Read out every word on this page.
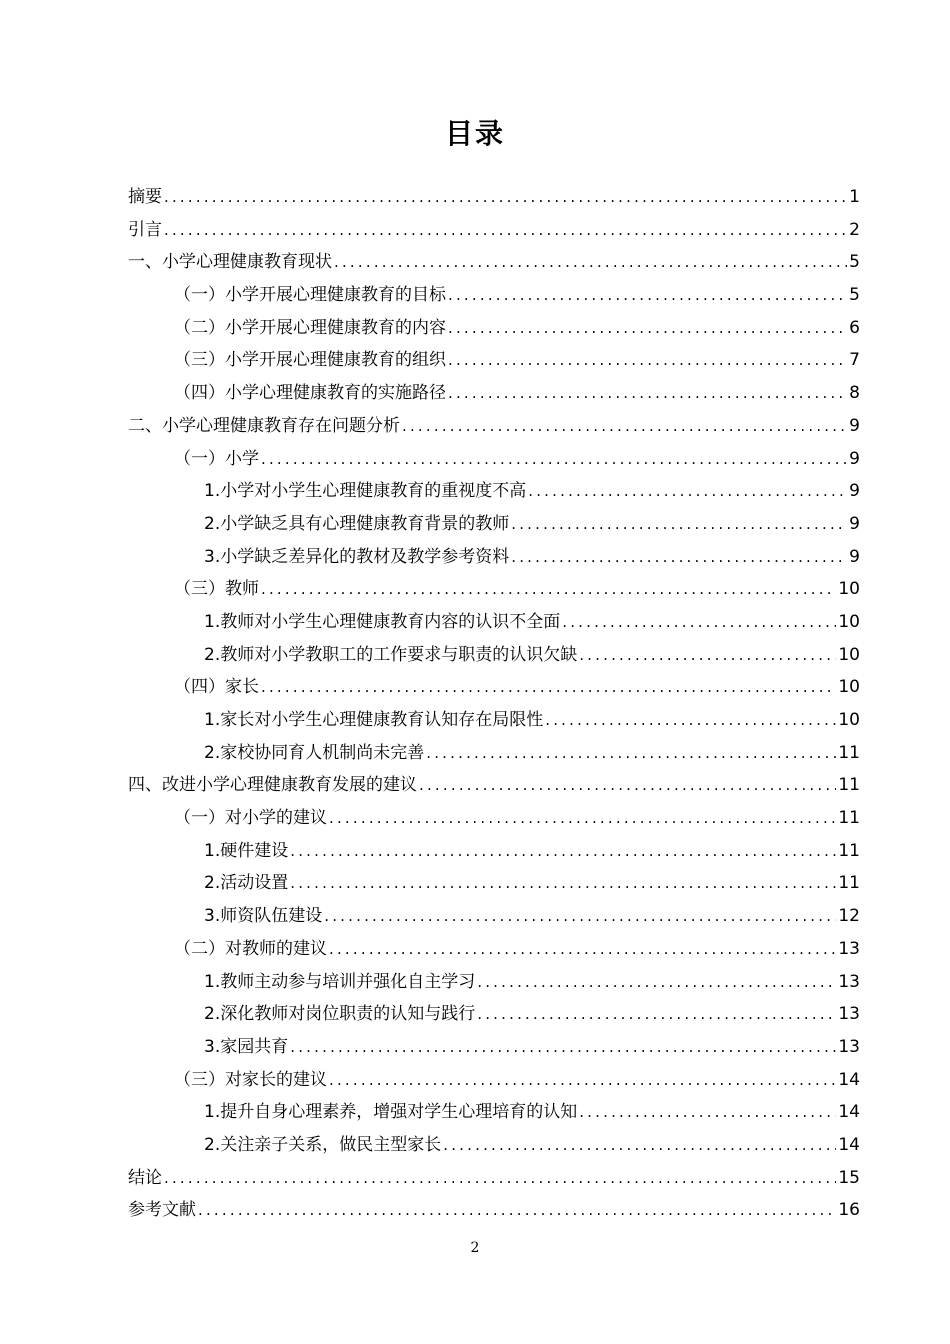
目录
摘要 .....	1
引言 .....	2
一、小学心理健康教育现状 .....	5
（一）小学开展心理健康教育的目标 .....	5
（二）小学开展心理健康教育的内容 .....	6
（三）小学开展心理健康教育的组织 .....	7
（四）小学心理健康教育的实施路径 .....	8
二、小学心理健康教育存在问题分析 .....	9
（一）小学 .....	9
1.小学对小学生心理健康教育的重视度不高 .....	9
2.小学缺乏具有心理健康教育背景的教师 .....	9
3.小学缺乏差异化的教材及教学参考资料 .....	9
（三）教师 .....	10
1.教师对小学生心理健康教育内容的认识不全面 .....	10
2.教师对小学教职工的工作要求与职责的认识欠缺 .....	10
（四）家长 .....	10
1.家长对小学生心理健康教育认知存在局限性 .....	10
2.家校协同育人机制尚未完善 .....	11
四、改进小学心理健康教育发展的建议 .....	11
（一）对小学的建议 .....	11
1.硬件建设 .....	11
2.活动设置 .....	11
3.师资队伍建设 .....	12
（二）对教师的建议 .....	13
1.教师主动参与培训并强化自主学习 .....	13
2.深化教师对岗位职责的认知与践行 .....	13
3.家园共育 .....	13
（三）对家长的建议 .....	14
1.提升自身心理素养，增强对学生心理培育的认知 .....	14
2.关注亲子关系，做民主型家长 .....	14
结论 .....	15
参考文献 .....	16
2
